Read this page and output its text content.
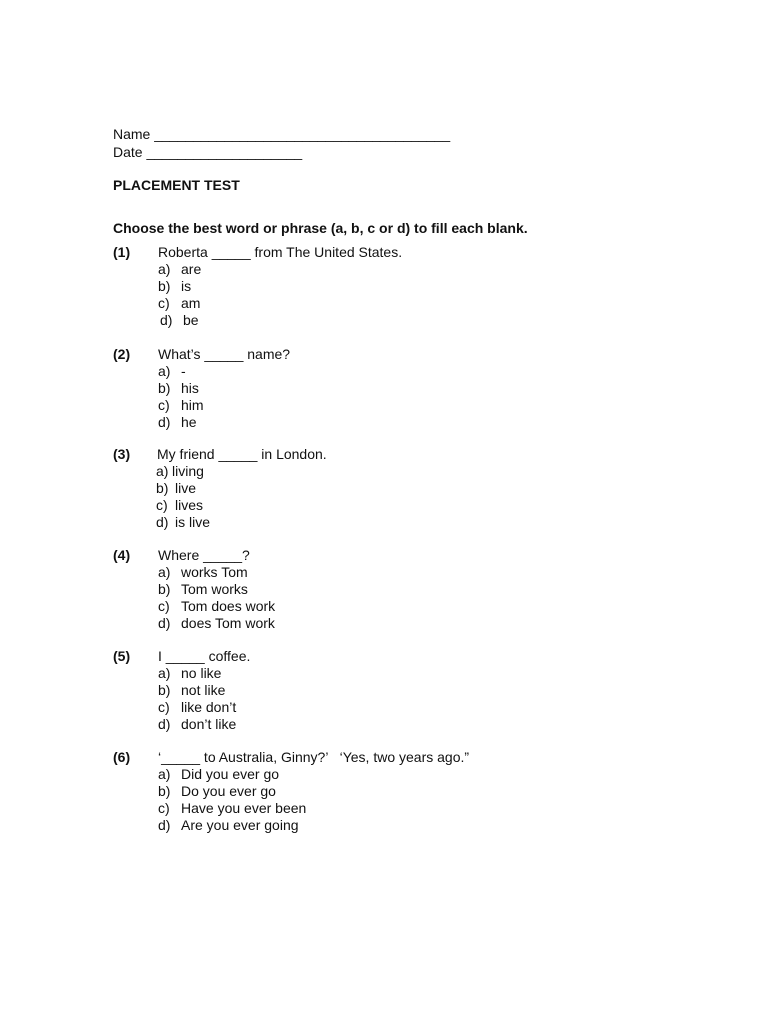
Name ______________________________________
Date ____________________
PLACEMENT TEST
Choose the best word or phrase (a, b, c or d) to fill each blank.
(1) Roberta _____ from The United States.
a) are
b) is
c) am
d) be
(2) What’s _____ name?
a) -
b) his
c) him
d) he
(3) My friend _____ in London.
a) living
b) live
c) lives
d) is live
(4) Where _____?
a) works Tom
b) Tom works
c) Tom does work
d) does Tom work
(5) I _____ coffee.
a) no like
b) not like
c) like don’t
d) don’t like
(6) ‘_____ to Australia, Ginny?’   ‘Yes, two years ago.”
a) Did you ever go
b) Do you ever go
c) Have you ever been
d) Are you ever going
